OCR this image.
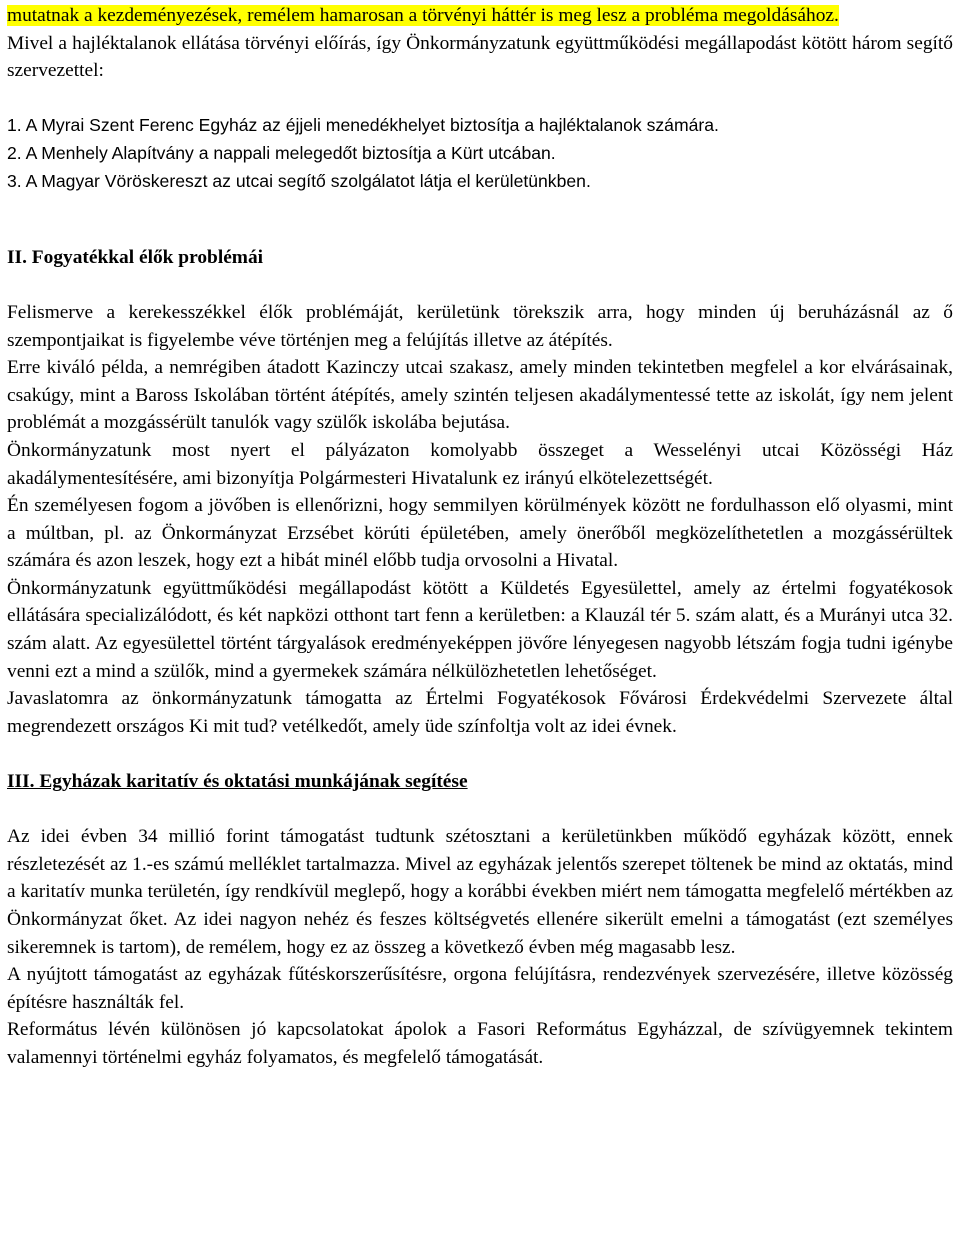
mutatnak a kezdeményezések, remélem hamarosan a törvényi háttér is meg lesz a probléma megoldásához.

Mivel a hajléktalanok ellátása törvényi előírás, így Önkormányzatunk együttműködési megállapodást kötött három segítő szervezettel:

1. A Myrai Szent Ferenc Egyház az éjjeli menedékhelyet biztosítja a hajléktalanok számára.

2. A Menhely Alapítvány a nappali melegedőt biztosítja a Kürt utcában.

3. A Magyar Vöröskereszt az utcai segítő szolgálatot látja el kerületünkben.

II. Fogyatékkal élők problémái

Felismerve a kerekesszékkel élők problémáját, kerületünk törekszik arra, hogy minden új beruházásnál az ő szempontjaikat is figyelembe véve történjen meg a felújítás illetve az átépítés.

Erre kiváló példa, a nemrégiben átadott Kazinczy utcai szakasz, amely minden tekintetben megfelel a kor elvárásainak, csakúgy, mint a Baross Iskolában történt átépítés, amely szintén teljesen akadálymentessé tette az iskolát, így nem jelent problémát a mozgássérült tanulók vagy szülők iskolába bejutása.

Önkormányzatunk most nyert el pályázaton komolyabb összeget a Wesselényi utcai Közösségi Ház akadálymentesítésére, ami bizonyítja Polgármesteri Hivatalunk ez irányú elkötelezettségét.

Én személyesen fogom a jövőben is ellenőrizni, hogy semmilyen körülmények között ne fordulhasson elő olyasmi, mint a múltban, pl. az Önkormányzat Erzsébet körúti épületében, amely önerőből megközelíthetetlen a mozgássérültek számára és azon leszek, hogy ezt a hibát minél előbb tudja orvosolni a Hivatal.

Önkormányzatunk együttműködési megállapodást kötött a Küldetés Egyesülettel, amely az értelmi fogyatékosok ellátására specializálódott, és két napközi otthont tart fenn a kerületben: a Klauzál tér 5. szám alatt, és a Murányi utca 32. szám alatt. Az egyesülettel történt tárgyalások eredményeképpen jövőre lényegesen nagyobb létszám fogja tudni igénybe venni ezt a mind a szülők, mind a gyermekek számára nélkülözhetetlen lehetőséget.

Javaslatomra az önkormányzatunk támogatta az Értelmi Fogyatékosok Fővárosi Érdekvédelmi Szervezete által megrendezett országos Ki mit tud? vetélkedőt, amely üde színfoltja volt az idei évnek.

III. Egyházak karitatív és oktatási munkájának segítése

Az idei évben 34 millió forint támogatást tudtunk szétosztani a kerületünkben működő egyházak között, ennek részletezését az 1.-es számú melléklet tartalmazza. Mivel az egyházak jelentős szerepet töltenek be mind az oktatás, mind a karitatív munka területén, így rendkívül meglepő, hogy a korábbi években miért nem támogatta megfelelő mértékben az Önkormányzat őket. Az idei nagyon nehéz és feszes költségvetés ellenére sikerült emelni a támogatást (ezt személyes sikeremnek is tartom), de remélem, hogy ez az összeg a következő évben még magasabb lesz.

A nyújtott támogatást az egyházak fűtéskorszerűsítésre, orgona felújításra, rendezvények szervezésére, illetve közösség építésre használták fel.

Református lévén különösen jó kapcsolatokat ápolok a Fasori Református Egyházzal, de szívügyemnek tekintem valamennyi történelmi egyház folyamatos, és megfelelő támogatását.
